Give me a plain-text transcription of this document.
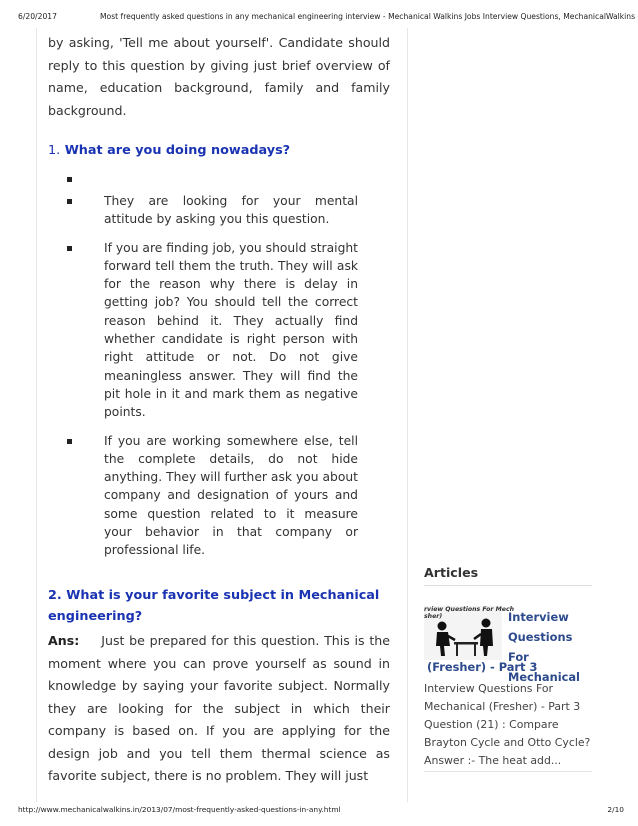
6/20/2017	Most frequently asked questions in any mechanical engineering interview - Mechanical Walkins Jobs Interview Questions, MechanicalWalkins

by asking, 'Tell me about yourself'. Candidate should reply to this question by giving just brief overview of name, education background, family and family background.

1. What are you doing nowadays?
They are looking for your mental attitude by asking you this question.
If you are finding job, you should straight forward tell them the truth. They will ask for the reason why there is delay in getting job? You should tell the correct reason behind it. They actually find whether candidate is right person with right attitude or not. Do not give meaningless answer. They will find the pit hole in it and mark them as negative points.
If you are working somewhere else, tell the complete details, do not hide anything. They will further ask you about company and designation of yours and some question related to it measure your behavior in that company or professional life.
2. What is your favorite subject in Mechanical engineering?

Ans: Just be prepared for this question. This is the moment where you can prove yourself as sound in knowledge by saying your favorite subject. Normally they are looking for the subject in which their company is based on. If you are applying for the design job and you tell them thermal science as favorite subject, there is no problem. They will just

Articles
rview Questions For Mech
sher)	Interview Questions For Mechanical
(Fresher) - Part 3
Interview Questions For Mechanical (Fresher) - Part 3 Question (21) : Compare Brayton Cycle and Otto Cycle? Answer :- The heat add...
http://www.mechanicalwalkins.in/2013/07/most-frequently-asked-questions-in-any.html	2/10
